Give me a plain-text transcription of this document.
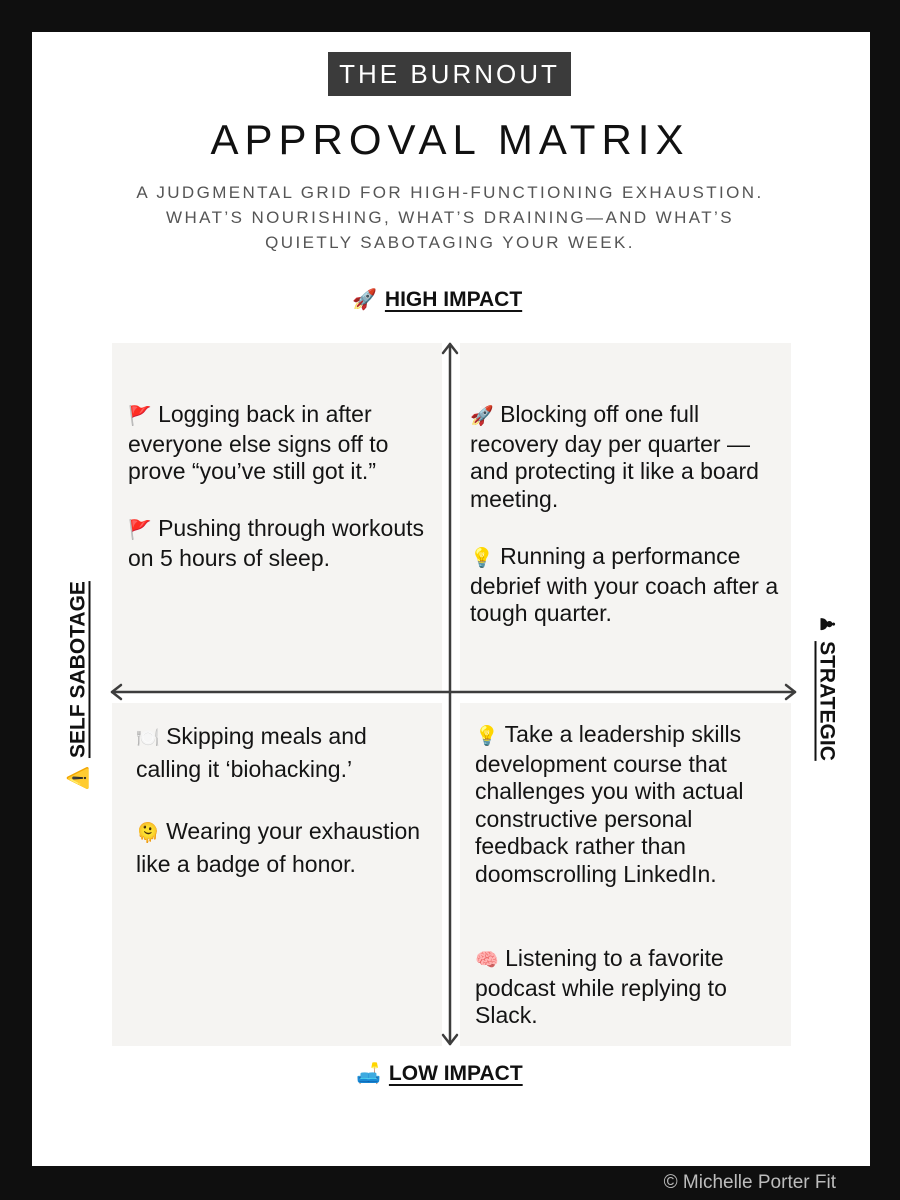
THE BURNOUT
APPROVAL MATRIX
A JUDGMENTAL GRID FOR HIGH-FUNCTIONING EXHAUSTION. WHAT’S NOURISHING, WHAT’S DRAINING—AND WHAT’S QUIETLY SABOTAGING YOUR WEEK.
🚀 HIGH IMPACT
🛋️ LOW IMPACT
⚠️
SELF SABOTAGE	♟
STRATEGIC
🚩 Logging back in after everyone else signs off to prove “you’ve still got it.”
🚩 Pushing through workouts on 5 hours of sleep.
🚀 Blocking off one full recovery day per quarter —and protecting it like a board meeting.
💡 Running a performance debrief with your coach after a tough quarter.
🍽️ Skipping meals and calling it ‘biohacking.’
🫠 Wearing your exhaustion like a badge of honor.
💡 Take a leadership skills development course that challenges you with actual constructive personal feedback rather than doomscrolling LinkedIn.
🧠 Listening to a favorite podcast while replying to Slack.
© Michelle Porter Fit
